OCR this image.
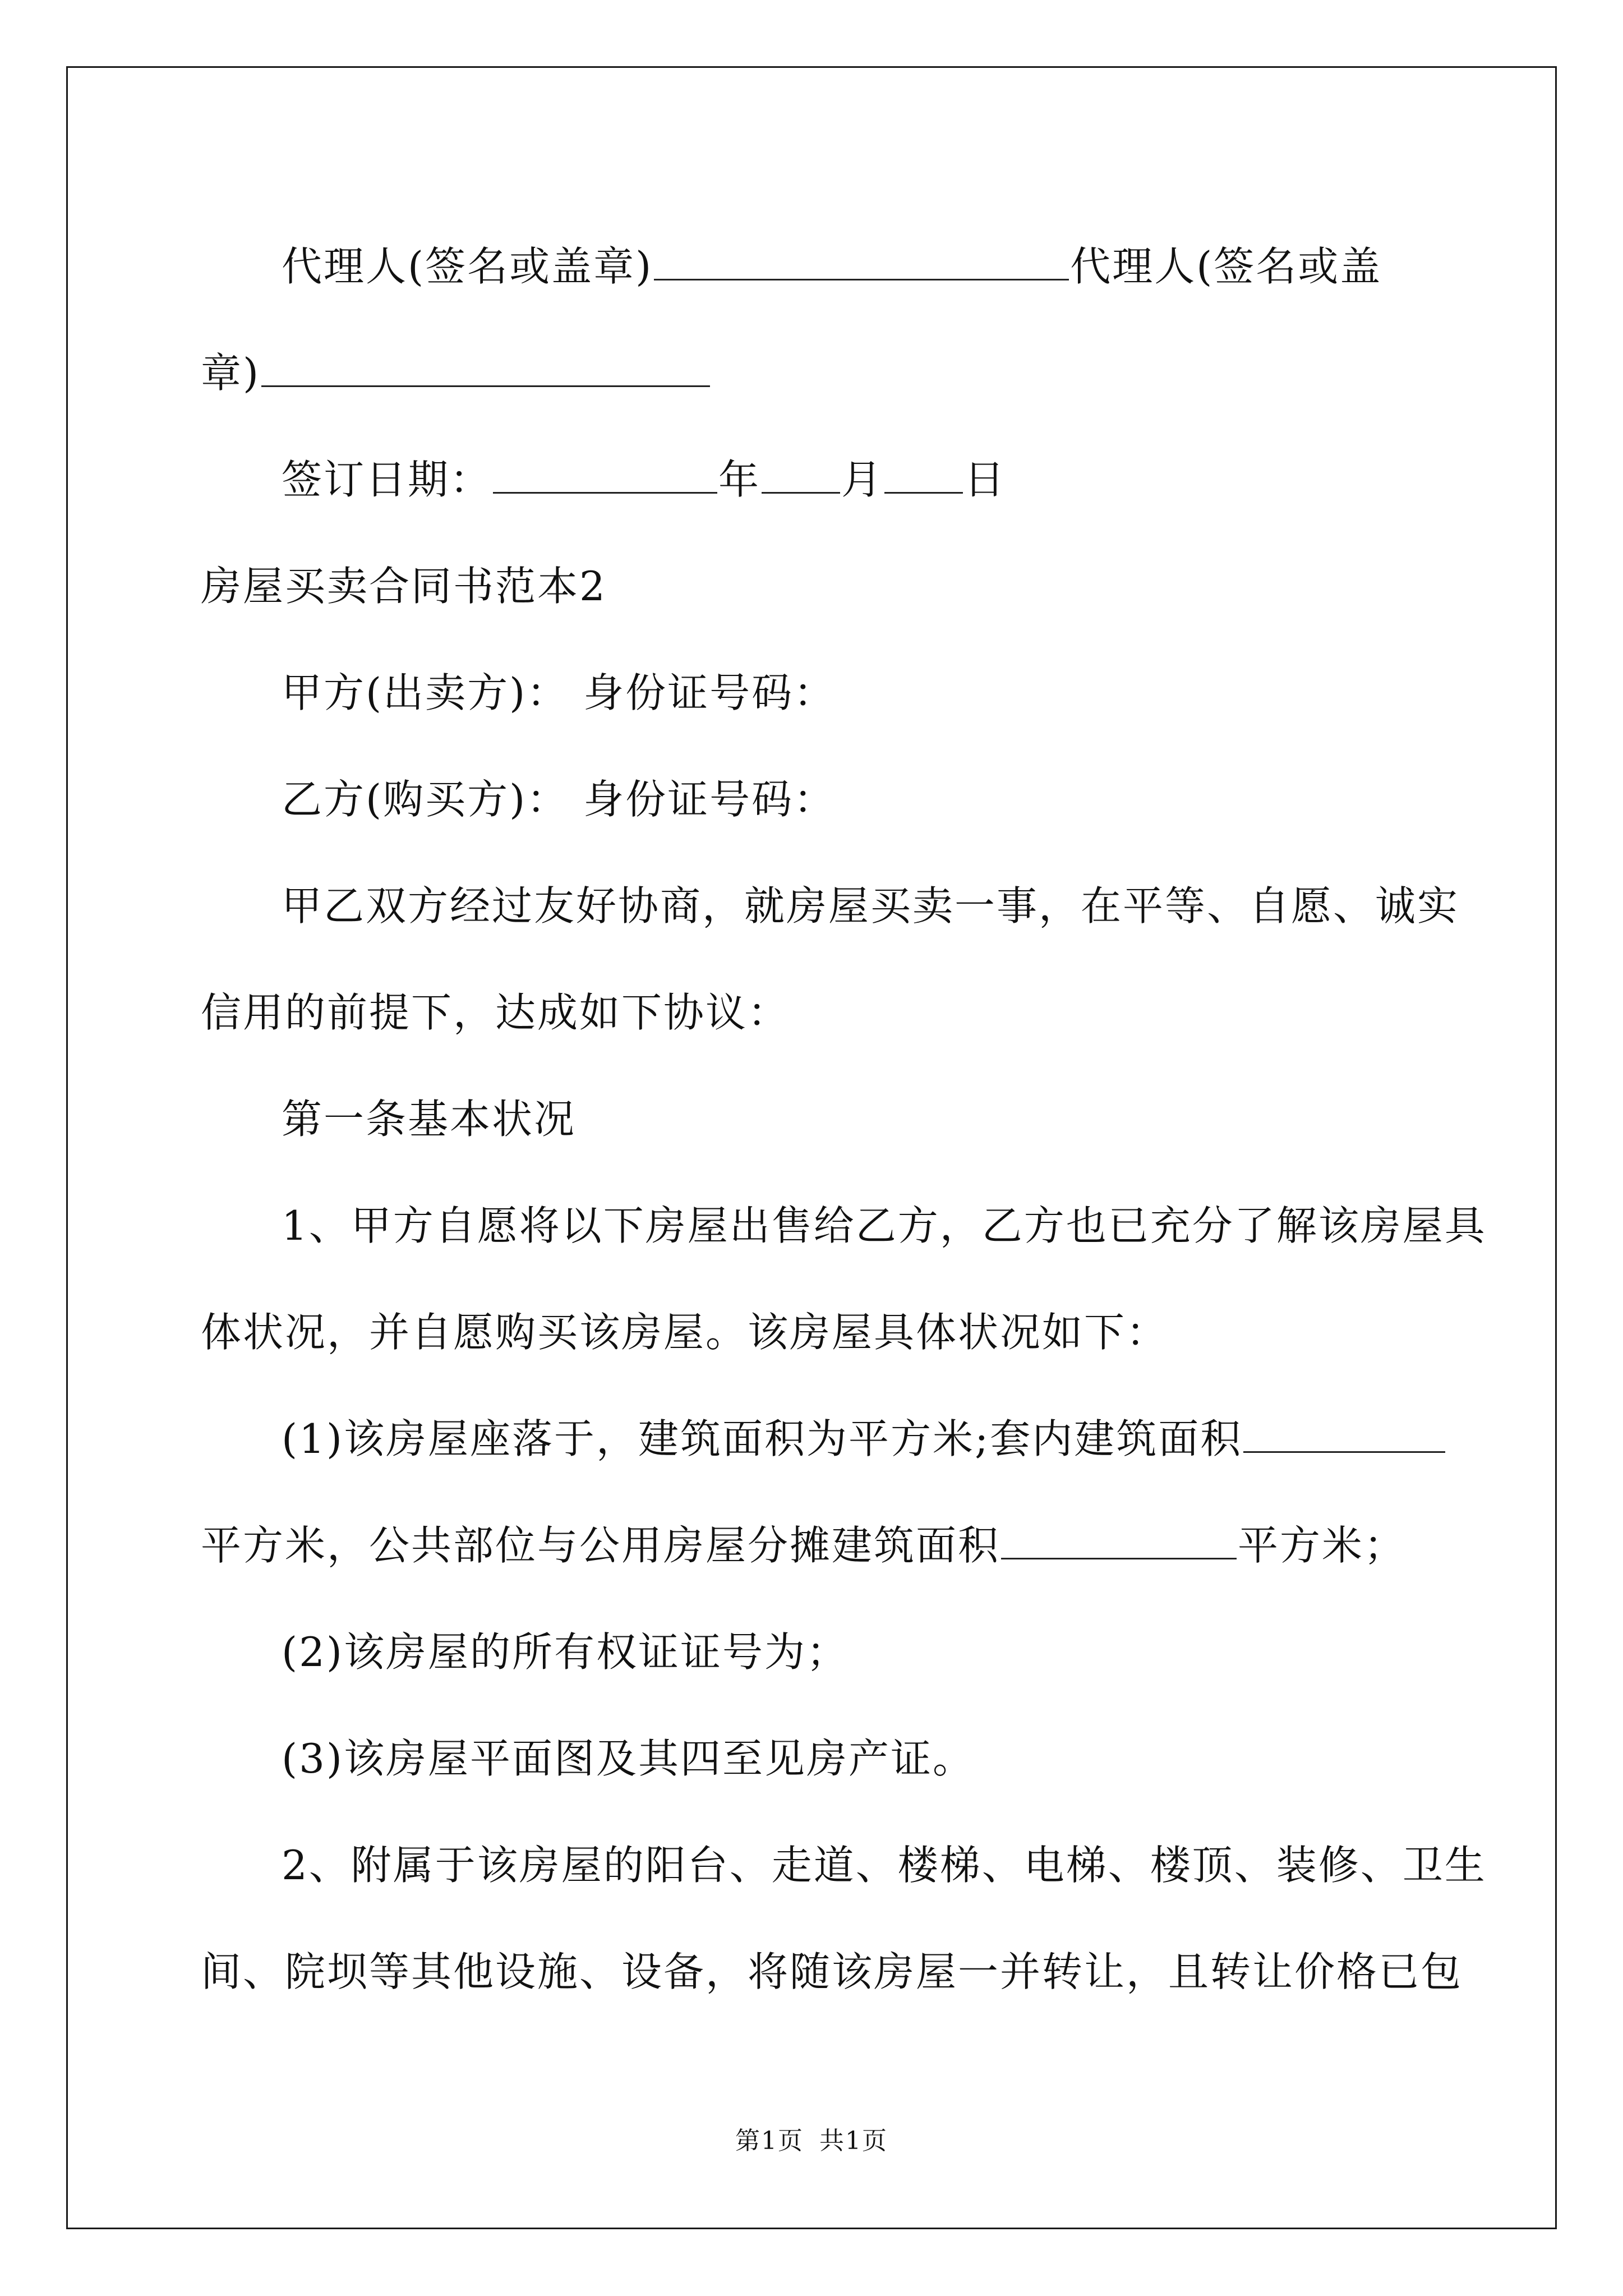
代理人(签名或盖章)	代理人(签名或盖

章)

签订日期：	年 月 日

房屋买卖合同书范本2

甲方(出卖方)： 身份证号码：

乙方(购买方)： 身份证号码：

甲乙双方经过友好协商，就房屋买卖一事，在平等、自愿、诚实

信用的前提下，达成如下协议：

第一条基本状况

1、甲方自愿将以下房屋出售给乙方，乙方也已充分了解该房屋具

体状况，并自愿购买该房屋。该房屋具体状况如下：

(1)该房屋座落于，建筑面积为平方米;套内建筑面积

平方米，公共部位与公用房屋分摊建筑面积	平方米；

(2)该房屋的所有权证证号为；

(3)该房屋平面图及其四至见房产证。

2、附属于该房屋的阳台、走道、楼梯、电梯、楼顶、装修、卫生

间、院坝等其他设施、设备，将随该房屋一并转让，且转让价格已包

第1页 共1页
